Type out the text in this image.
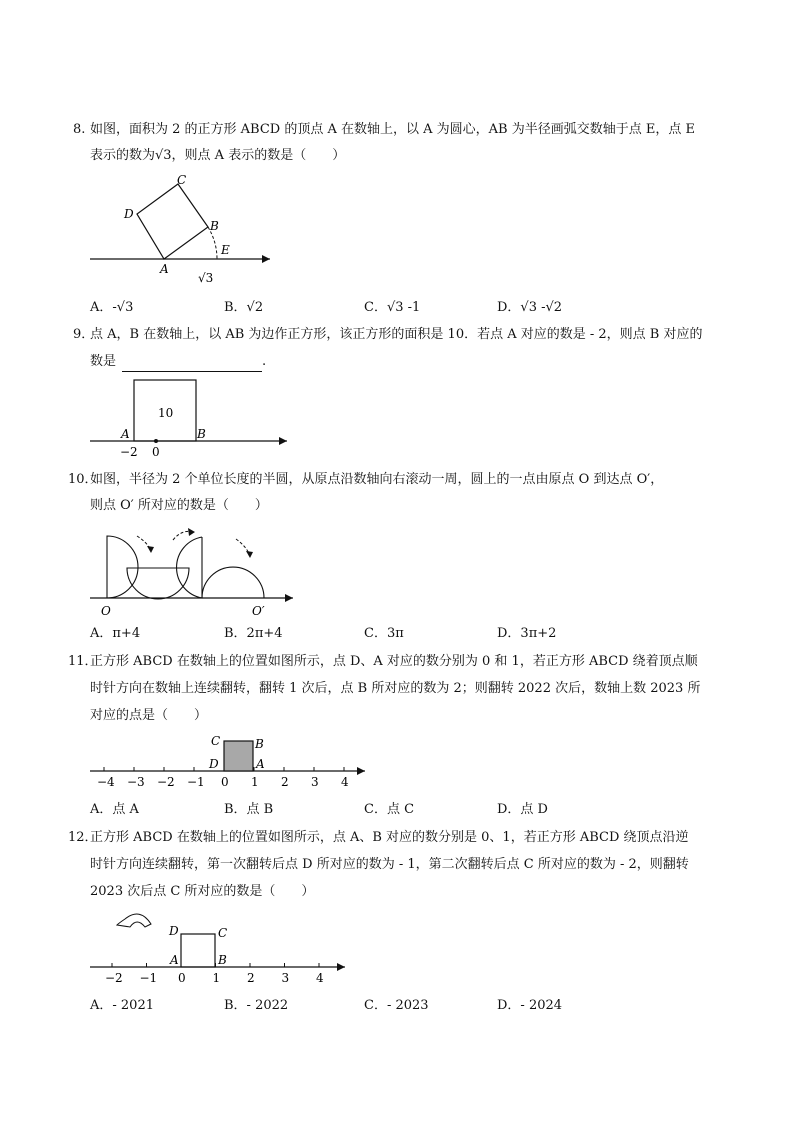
8. 如图，面积为 2 的正方形 ABCD 的顶点 A 在数轴上，以 A 为圆心，AB 为半径画弧交数轴于点 E，点 E
表示的数为√3，则点 A 表示的数是（　　）
A
B
C
D
E
√3
A．-√3	B．√2	C．√3 -1	D．√3 -√2
9．
点 A，B 在数轴上，以 AB 为边作正方形，该正方形的面积是 10．若点 A 对应的数是 - 2，则点 B 对应的
数是	.
10
A	B
−2 0
10．
如图，半径为 2 个单位长度的半圆，从原点沿数轴向右滚动一周，圆上的一点由原点 O 到达点 O′，
则点 O′ 所对应的数是（　　）
O	O′
A．π+4	B．2π+4	C．3π	D．3π+2
11．
正方形 ABCD 在数轴上的位置如图所示，点 D、A 对应的数分别为 0 和 1，若正方形 ABCD 绕着顶点顺
时针方向在数轴上连续翻转，翻转 1 次后，点 B 所对应的数为 2；则翻转 2022 次后，数轴上数 2023 所
对应的点是（　　）
−4 −3 −2 −1 0 1 2 3 4
C	B
D	A
A．点 A	B．点 B	C．点 C	D．点 D
12．
正方形 ABCD 在数轴上的位置如图所示，点 A、B 对应的数分别是 0、1，若正方形 ABCD 绕顶点沿逆
时针方向连续翻转，第一次翻转后点 D 所对应的数为 - 1，第二次翻转后点 C 所对应的数为 - 2，则翻转
2023 次后点 C 所对应的数是（　　）
−2 −1 0 1 2 3 4
D	C
A	B
A．- 2021	B．- 2022	C．- 2023	D．- 2024
